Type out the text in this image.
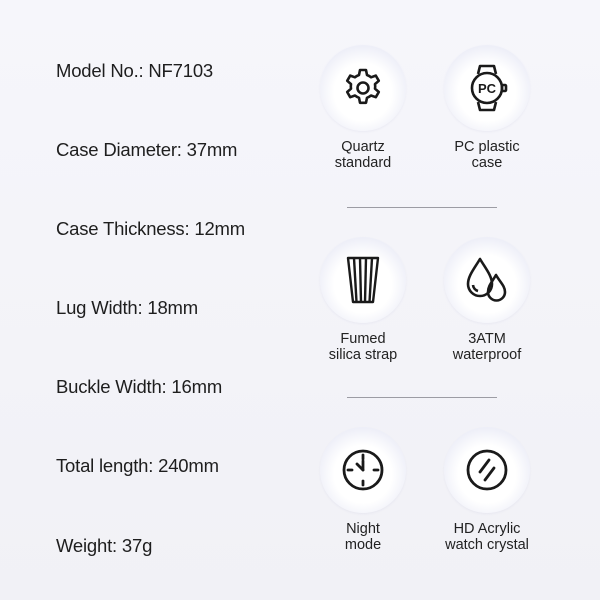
Model No.: NF7103
Case Diameter: 37mm
Case Thickness: 12mm
Lug Width: 18mm
Buckle Width: 16mm
Total length: 240mm
Weight: 37g
Quartz
standard
PC
PC plastic
case
Fumed
silica strap
3ATM
waterproof
Night
mode
HD Acrylic
watch crystal
